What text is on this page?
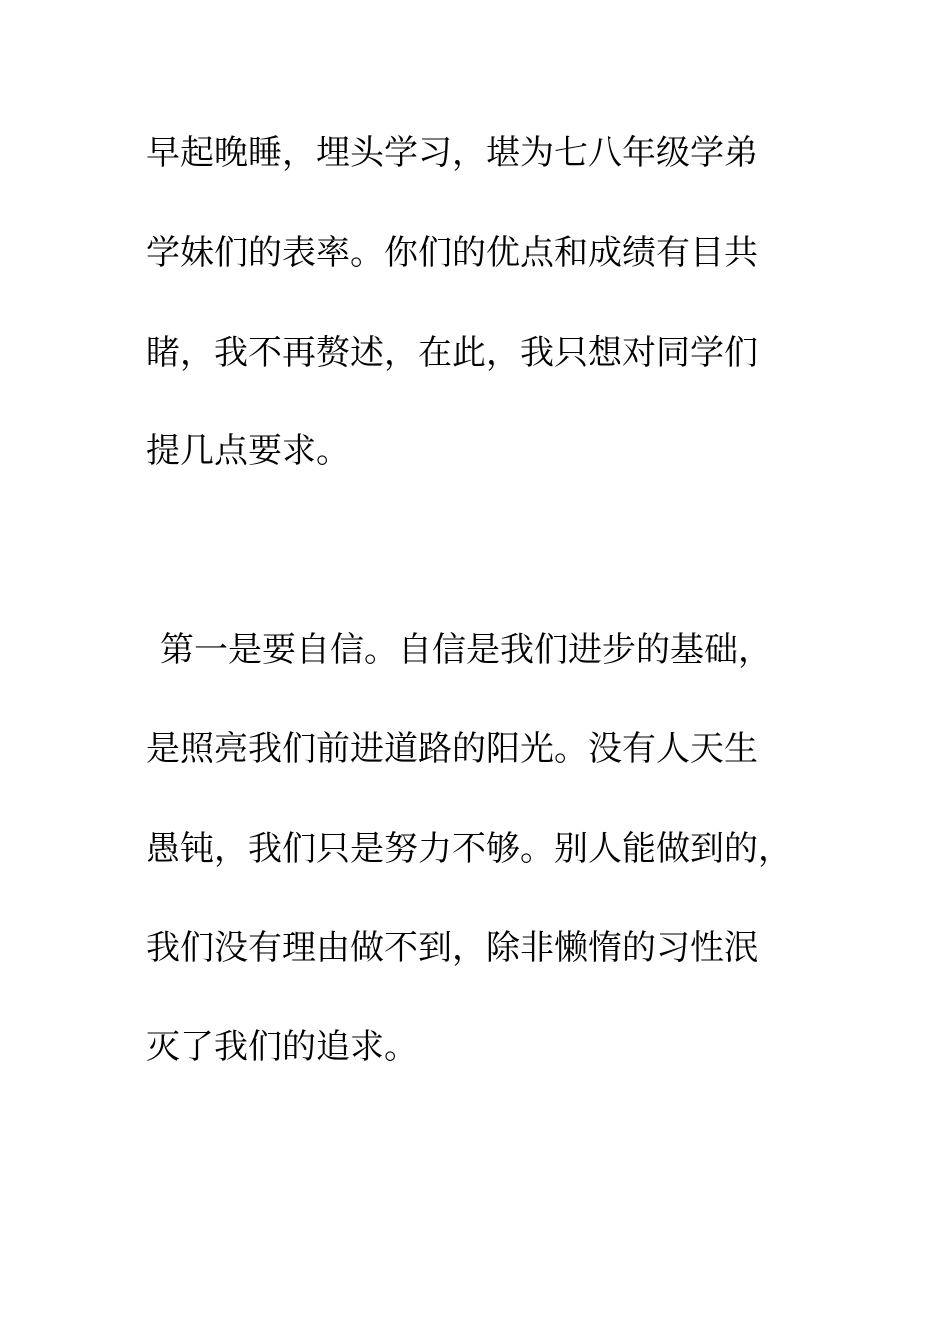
早起晚睡，埋头学习，堪为七八年级学弟
学妹们的表率。你们的优点和成绩有目共
睹，我不再赘述，在此，我只想对同学们
提几点要求。
第一是要自信。自信是我们进步的基础，
是照亮我们前进道路的阳光。没有人天生
愚钝，我们只是努力不够。别人能做到的，
我们没有理由做不到，除非懒惰的习性泯
灭了我们的追求。
